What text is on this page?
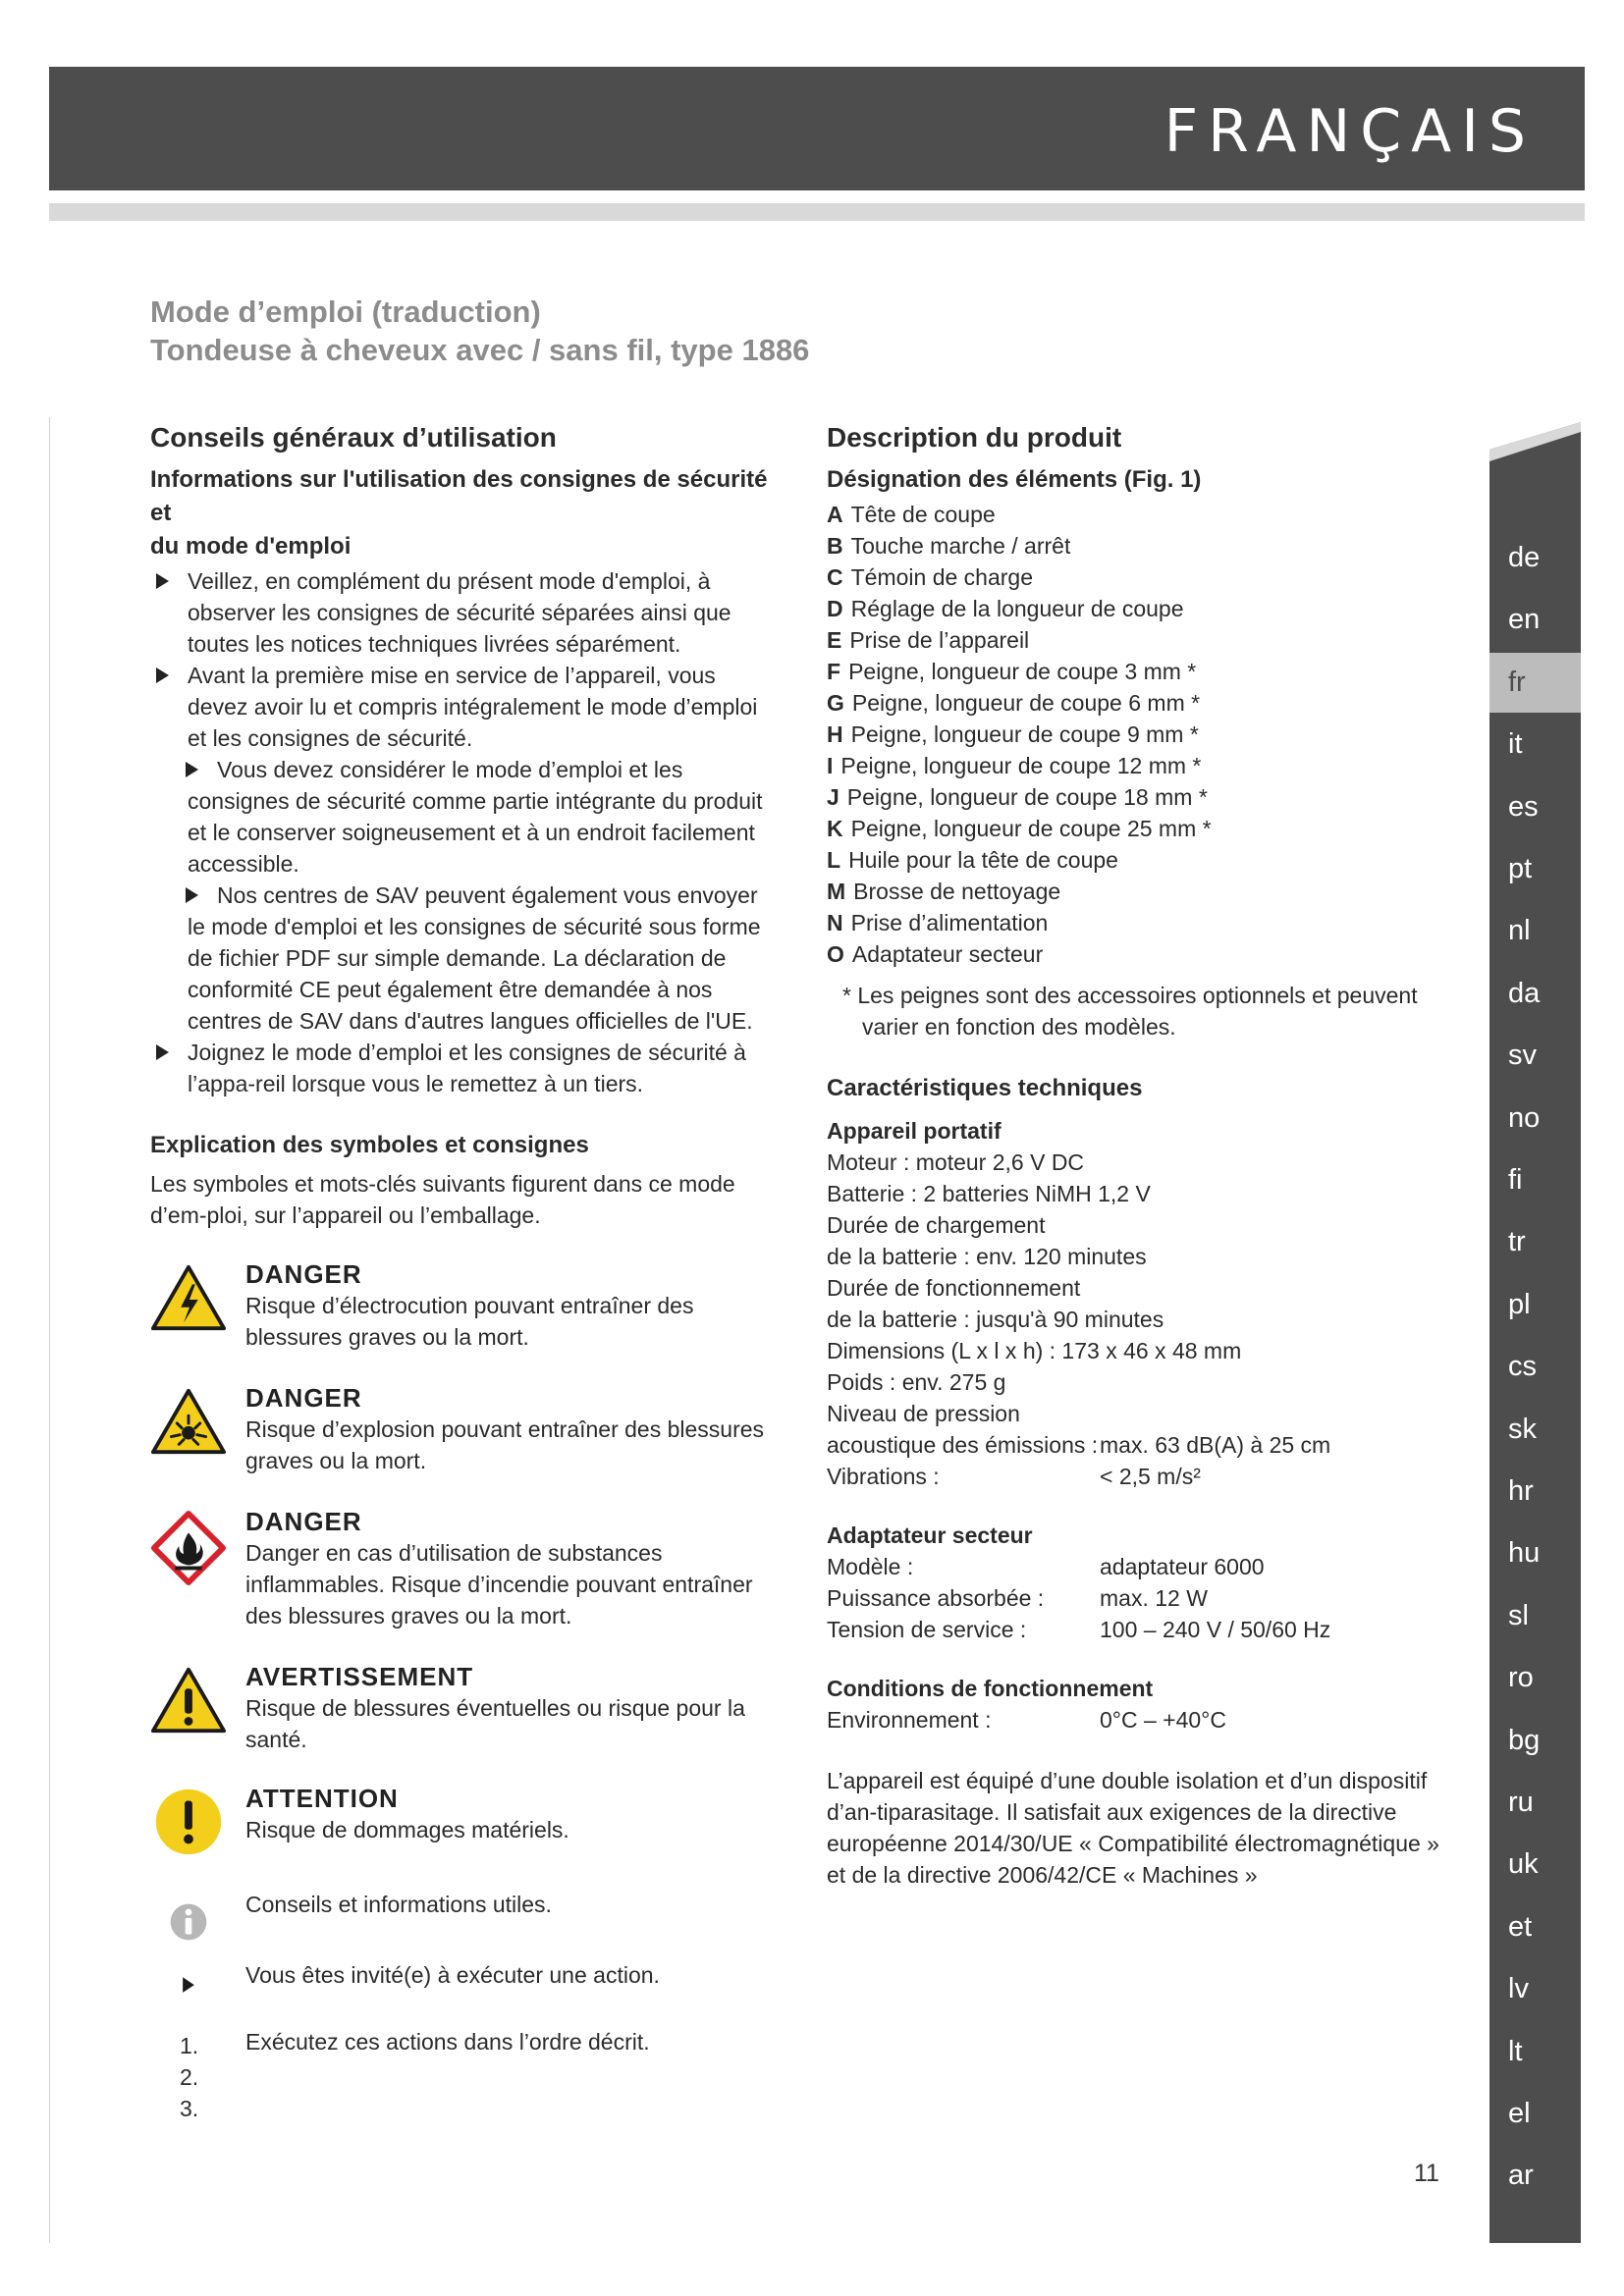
FRANÇAIS
Mode d’emploi (traduction)
Tondeuse à cheveux avec / sans fil, type 1886
Conseils généraux d’utilisation
Informations sur l'utilisation des consignes de sécurité et
du mode d'emploi
Veillez, en complément du présent mode d'emploi, à observer les consignes de sécurité séparées ainsi que toutes les notices techniques livrées séparément.
Avant la première mise en service de l’appareil, vous devez avoir lu et compris intégralement le mode d’emploi et les consignes de sécurité.
Vous devez considérer le mode d’emploi et les consignes de sécurité comme partie intégrante du produit et le conserver soigneusement et à un endroit facilement accessible.
Nos centres de SAV peuvent également vous envoyer le mode d'emploi et les consignes de sécurité sous forme de fichier PDF sur simple demande. La déclaration de conformité CE peut également être demandée à nos centres de SAV dans d'autres langues officielles de l'UE.
Joignez le mode d’emploi et les consignes de sécurité à l’appa-reil lorsque vous le remettez à un tiers.
Explication des symboles et consignes
Les symboles et mots-clés suivants figurent dans ce mode d’em-ploi, sur l’appareil ou l’emballage.
DANGER
Risque d’électrocution pouvant entraîner des blessures graves ou la mort.
DANGER
Risque d’explosion pouvant entraîner des blessures graves ou la mort.
DANGER
Danger en cas d’utilisation de substances inflammables. Risque d’incendie pouvant entraîner des blessures graves ou la mort.
AVERTISSEMENT
Risque de blessures éventuelles ou risque pour la santé.
ATTENTION
Risque de dommages matériels.
Conseils et informations utiles.
Vous êtes invité(e) à exécuter une action.
1.
2.
3.
Exécutez ces actions dans l’ordre décrit.
Description du produit
Désignation des éléments (Fig. 1)
A Tête de coupe
B Touche marche / arrêt
C Témoin de charge
D Réglage de la longueur de coupe
E Prise de l’appareil
F Peigne, longueur de coupe 3 mm *
G Peigne, longueur de coupe 6 mm *
H Peigne, longueur de coupe 9 mm *
I Peigne, longueur de coupe 12 mm *
J Peigne, longueur de coupe 18 mm *
K Peigne, longueur de coupe 25 mm *
L Huile pour la tête de coupe
M Brosse de nettoyage
N Prise d’alimentation
O Adaptateur secteur
* Les peignes sont des accessoires optionnels et peuvent varier en fonction des modèles.
Caractéristiques techniques
Appareil portatif
Moteur : moteur 2,6 V DC
Batterie : 2 batteries NiMH 1,2 V
Durée de chargement
de la batterie : env. 120 minutes
Durée de fonctionnement
de la batterie : jusqu'à 90 minutes
Dimensions (L x l x h) : 173 x 46 x 48 mm
Poids : env. 275 g
Niveau de pression
acoustique des émissions : max. 63 dB(A) à 25 cm
Vibrations :	< 2,5 m/s²
Adaptateur secteur
Modèle :	adaptateur 6000
Puissance absorbée :	max. 12 W
Tension de service :	100 – 240 V / 50/60 Hz
Conditions de fonctionnement
Environnement :	0°C – +40°C
L’appareil est équipé d’une double isolation et d’un dispositif d’an-tiparasitage. Il satisfait aux exigences de la directive européenne 2014/30/UE « Compatibilité électromagnétique » et de la directive 2006/42/CE « Machines »
de
en
fr
it
es
pt
nl
da
sv
no
fi
tr
pl
cs
sk
hr
hu
sl
ro
bg
ru
uk
et
lv
lt
el
ar
11
